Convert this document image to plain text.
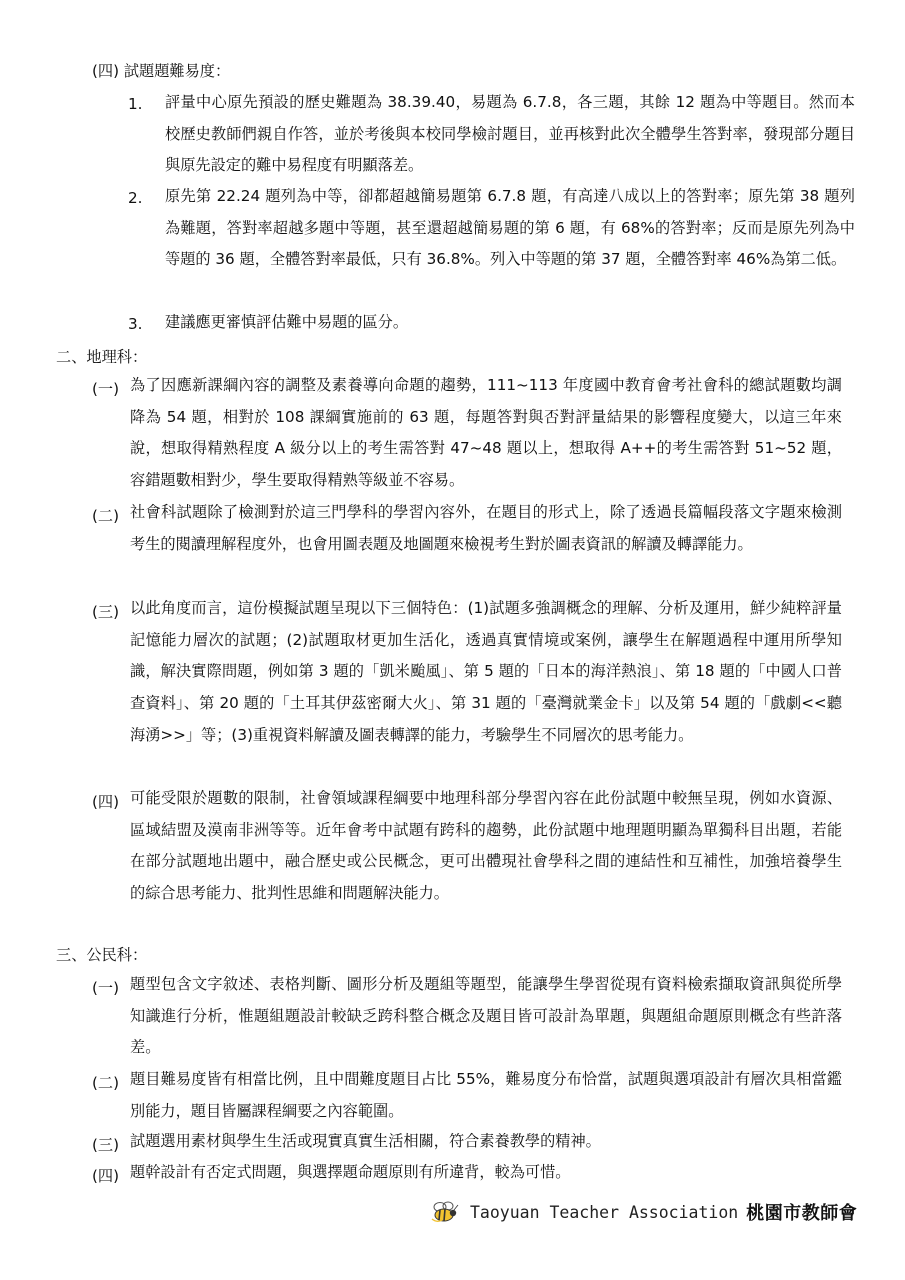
(四) 試題題難易度：
1.	評量中心原先預設的歷史難題為 38.39.40，易題為 6.7.8，各三題，其餘 12 題為中等題目。然而本校歷史教師們親自作答，並於考後與本校同學檢討題目，並再核對此次全體學生答對率，發現部分題目與原先設定的難中易程度有明顯落差。
2.	原先第 22.24 題列為中等，卻都超越簡易題第 6.7.8 題，有高達八成以上的答對率；原先第 38 題列為難題，答對率超越多題中等題，甚至還超越簡易題的第 6 題，有 68%的答對率；反而是原先列為中等題的 36 題，全體答對率最低，只有 36.8%。列入中等題的第 37 題，全體答對率 46%為第二低。
3.	建議應更審慎評估難中易題的區分。
二、地理科：
(一) 為了因應新課綱內容的調整及素養導向命題的趨勢，111~113 年度國中教育會考社會科的總試題數均調降為 54 題，相對於 108 課綱實施前的 63 題，每題答對與否對評量結果的影響程度變大，以這三年來說，想取得精熟程度 A 級分以上的考生需答對 47~48 題以上，想取得 A++的考生需答對 51~52 題，容錯題數相對少，學生要取得精熟等級並不容易。
(二) 社會科試題除了檢測對於這三門學科的學習內容外，在題目的形式上，除了透過長篇幅段落文字題來檢測考生的閱讀理解程度外，也會用圖表題及地圖題來檢視考生對於圖表資訊的解讀及轉譯能力。
(三) 以此角度而言，這份模擬試題呈現以下三個特色：(1)試題多強調概念的理解、分析及運用，鮮少純粹評量記憶能力層次的試題；(2)試題取材更加生活化，透過真實情境或案例，讓學生在解題過程中運用所學知識，解決實際問題，例如第 3 題的「凱米颱風」、第 5 題的「日本的海洋熱浪」、第 18 題的「中國人口普查資料」、第 20 題的「土耳其伊茲密爾大火」、第 31 題的「臺灣就業金卡」以及第 54 題的「戲劇<<聽海湧>>」等；(3)重視資料解讀及圖表轉譯的能力，考驗學生不同層次的思考能力。
(四) 可能受限於題數的限制，社會領域課程綱要中地理科部分學習內容在此份試題中較無呈現，例如水資源、區域結盟及漠南非洲等等。近年會考中試題有跨科的趨勢，此份試題中地理題明顯為單獨科目出題，若能在部分試題地出題中，融合歷史或公民概念，更可出體現社會學科之間的連結性和互補性，加強培養學生的綜合思考能力、批判性思維和問題解決能力。
三、公民科：
(一) 題型包含文字敘述、表格判斷、圖形分析及題組等題型，能讓學生學習從現有資料檢索擷取資訊與從所學知識進行分析，惟題組題設計較缺乏跨科整合概念及題目皆可設計為單題，與題組命題原則概念有些許落差。
(二) 題目難易度皆有相當比例，且中間難度題目占比 55%，難易度分布恰當，試題與選項設計有層次具相當鑑別能力，題目皆屬課程綱要之內容範圍。
(三) 試題選用素材與學生生活或現實真實生活相關，符合素養教學的精神。
(四) 題幹設計有否定式問題，與選擇題命題原則有所違背，較為可惜。
Taoyuan Teacher Association 桃園市教師會
